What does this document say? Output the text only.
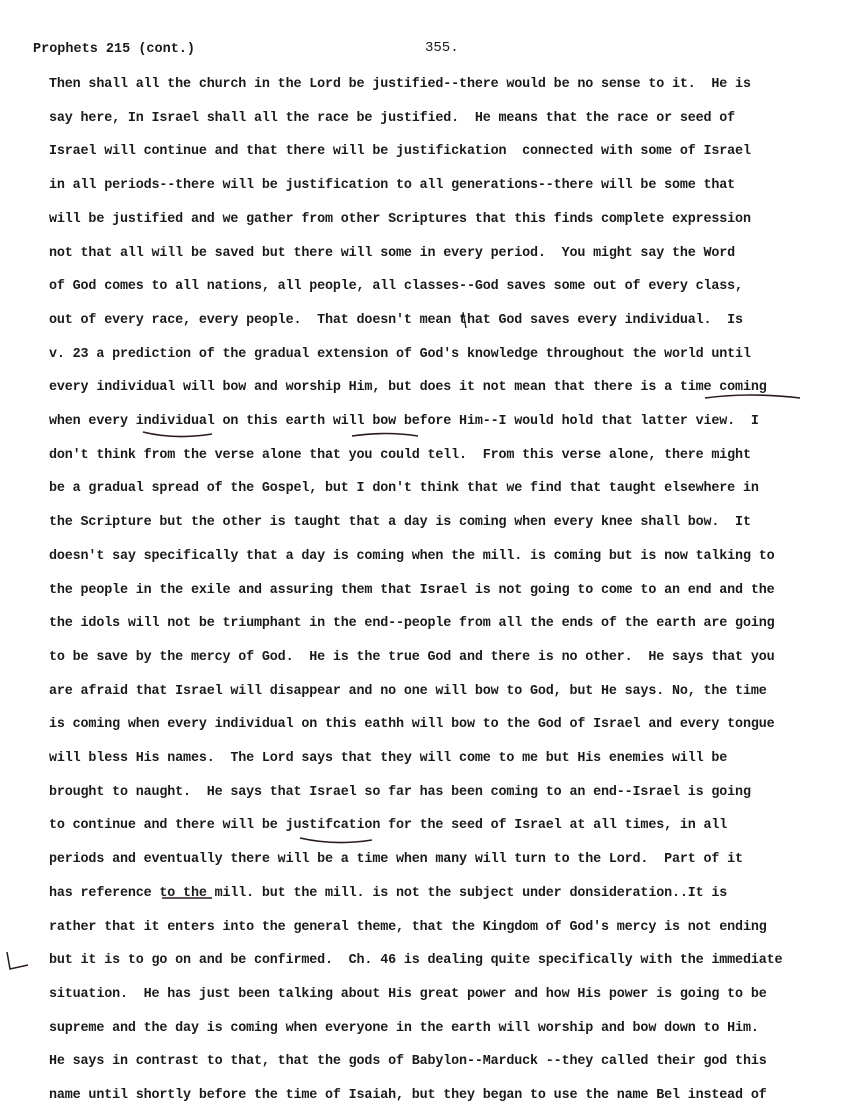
Prophets 215 (cont.)	355.
Then shall all the church in the Lord be justified--there would be no sense to it.  He is
say here, In Israel shall all the race be justified.  He means that the race or seed of
Israel will continue and that there will be justifickation  connected with some of Israel
in all periods--there will be justification to all generations--there will be some that
will be justified and we gather from other Scriptures that this finds complete expression
not that all will be saved but there will some in every period.  You might say the Word
of God comes to all nations, all people, all classes--God saves some out of every class,
out of every race, every people.  That doesn't mean that God saves every individual.  Is
v. 23 a prediction of the gradual extension of God's knowledge throughout the world until
every individual will bow and worship Him, but does it not mean that there is a time coming
when every individual on this earth will bow before Him--I would hold that latter view.  I
don't think from the verse alone that you could tell.  From this verse alone, there might
be a gradual spread of the Gospel, but I don't think that we find that taught elsewhere in
the Scripture but the other is taught that a day is coming when every knee shall bow.  It
doesn't say specifically that a day is coming when the mill. is coming but is now talking to
the people in the exile and assuring them that Israel is not going to come to an end and the
the idols will not be triumphant in the end--people from all the ends of the earth are going
to be save by the mercy of God.  He is the true God and there is no other.  He says that you
are afraid that Israel will disappear and no one will bow to God, but He says. No, the time
is coming when every individual on this eathh will bow to the God of Israel and every tongue
will bless His names.  The Lord says that they will come to me but His enemies will be
brought to naught.  He says that Israel so far has been coming to an end--Israel is going
to continue and there will be justifcation for the seed of Israel at all times, in all
periods and eventually there will be a time when many will turn to the Lord.  Part of it
has reference to the mill. but the mill. is not the subject under donsideration..It is
rather that it enters into the general theme, that the Kingdom of God's mercy is not ending
but it is to go on and be confirmed.  Ch. 46 is dealing quite specifically with the immediate
situation.  He has just been talking about His great power and how His power is going to be
supreme and the day is coming when everyone in the earth will worship and bow down to Him.
He says in contrast to that, that the gods of Babylon--Marduck --they called their god this
name until shortly before the time of Isaiah, but they began to use the name Bel instead of
